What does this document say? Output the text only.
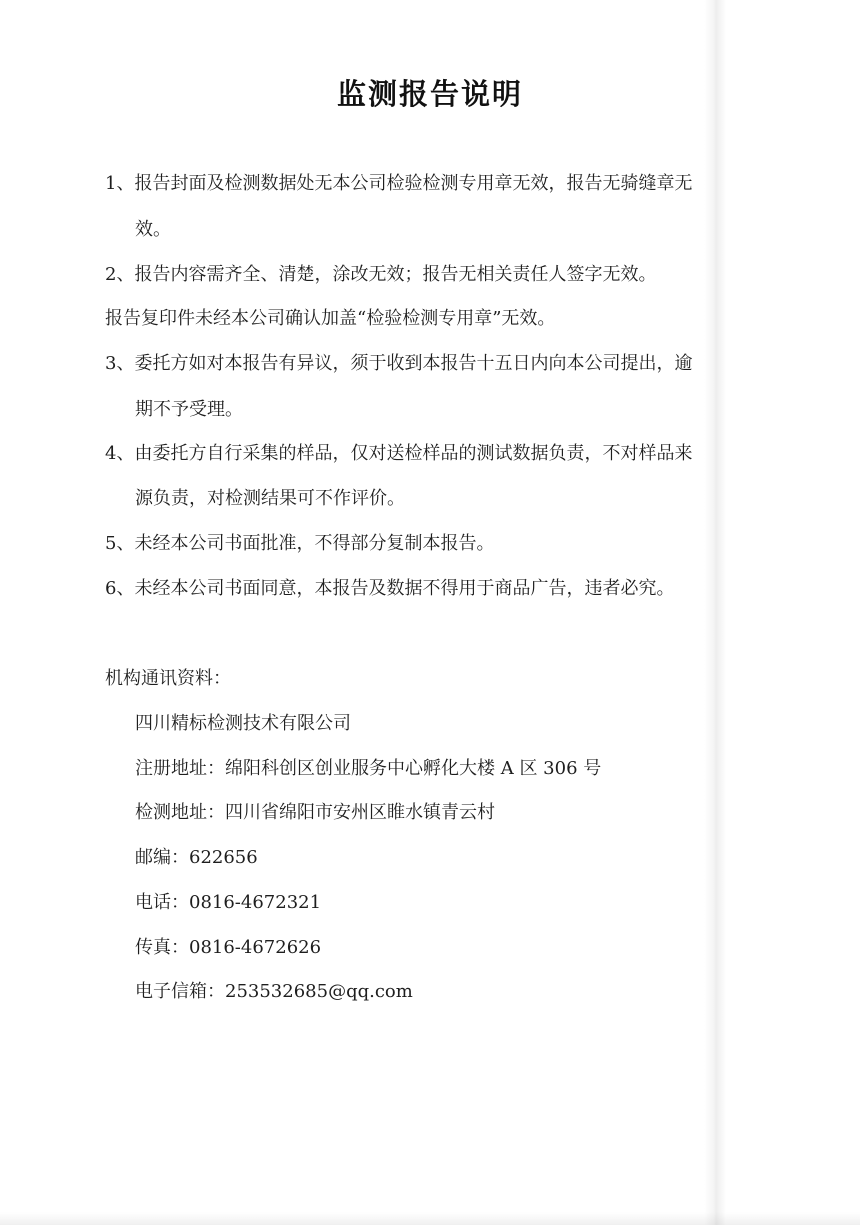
监测报告说明
1、报告封面及检测数据处无本公司检验检测专用章无效，报告无骑缝章无
效。
2、报告内容需齐全、清楚，涂改无效；报告无相关责任人签字无效。
报告复印件未经本公司确认加盖“检验检测专用章”无效。
3、委托方如对本报告有异议，须于收到本报告十五日内向本公司提出，逾
期不予受理。
4、由委托方自行采集的样品，仅对送检样品的测试数据负责，不对样品来
源负责，对检测结果可不作评价。
5、未经本公司书面批准，不得部分复制本报告。
6、未经本公司书面同意，本报告及数据不得用于商品广告，违者必究。
机构通讯资料：
四川精标检测技术有限公司
注册地址：绵阳科创区创业服务中心孵化大楼 A 区 306 号
检测地址：四川省绵阳市安州区睢水镇青云村
邮编：622656
电话：0816-4672321
传真：0816-4672626
电子信箱：253532685@qq.com
